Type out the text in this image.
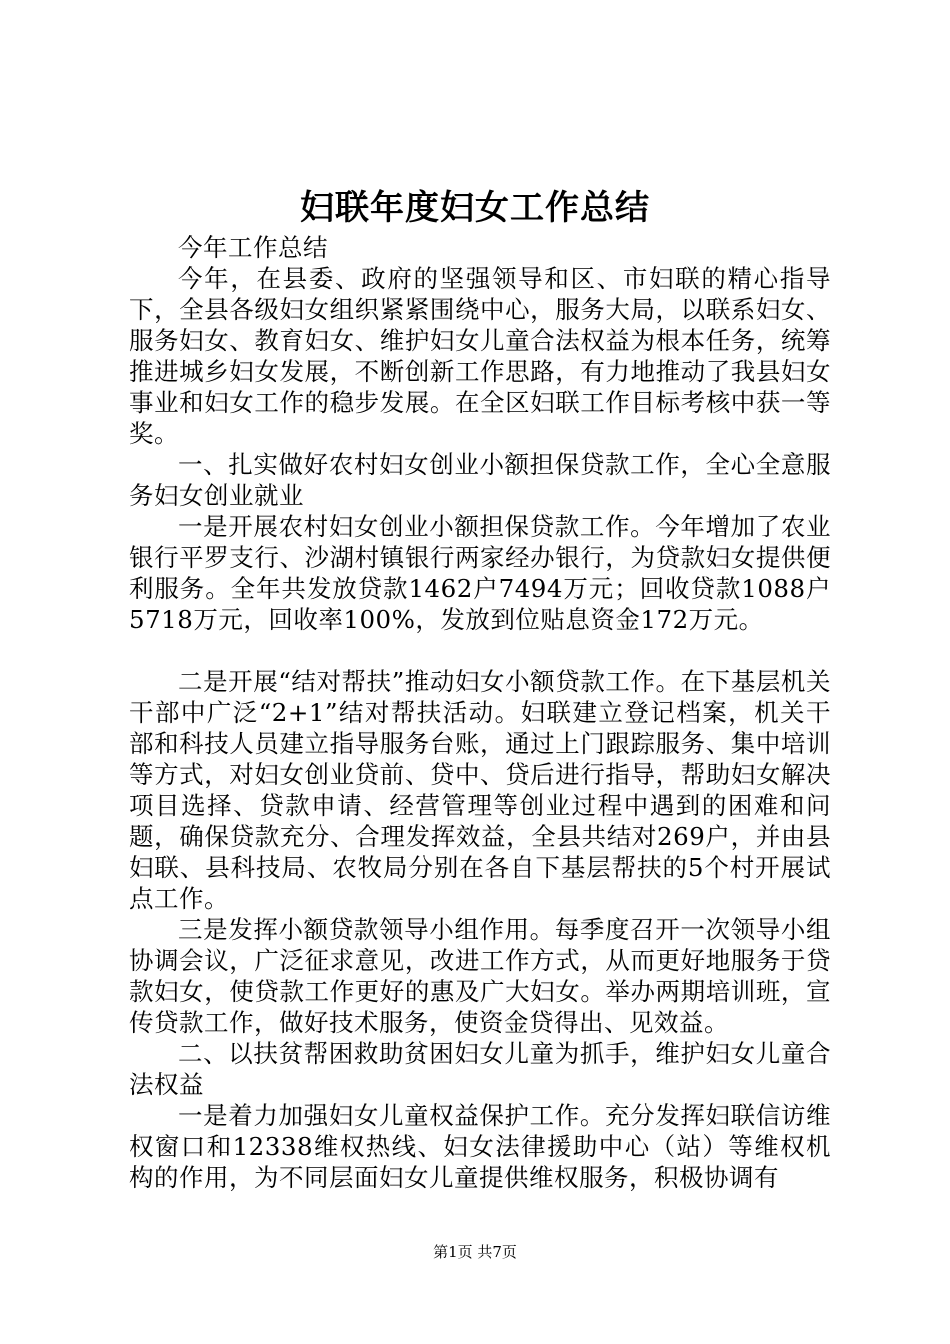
妇联年度妇女工作总结

今年工作总结

今年，在县委、政府的坚强领导和区、市妇联的精心指导下，全县各级妇女组织紧紧围绕中心，服务大局，以联系妇女、服务妇女、教育妇女、维护妇女儿童合法权益为根本任务，统筹推进城乡妇女发展，不断创新工作思路，有力地推动了我县妇女事业和妇女工作的稳步发展。在全区妇联工作目标考核中获一等奖。

一、扎实做好农村妇女创业小额担保贷款工作，全心全意服务妇女创业就业

一是开展农村妇女创业小额担保贷款工作。今年增加了农业银行平罗支行、沙湖村镇银行两家经办银行，为贷款妇女提供便利服务。全年共发放贷款1462户7494万元；回收贷款1088户5718万元，回收率100%，发放到位贴息资金172万元。

二是开展“结对帮扶”推动妇女小额贷款工作。在下基层机关干部中广泛“2+1”结对帮扶活动。妇联建立登记档案，机关干部和科技人员建立指导服务台账，通过上门跟踪服务、集中培训等方式，对妇女创业贷前、贷中、贷后进行指导，帮助妇女解决项目选择、贷款申请、经营管理等创业过程中遇到的困难和问题，确保贷款充分、合理发挥效益，全县共结对269户，并由县妇联、县科技局、农牧局分别在各自下基层帮扶的5个村开展试点工作。

三是发挥小额贷款领导小组作用。每季度召开一次领导小组协调会议，广泛征求意见，改进工作方式，从而更好地服务于贷款妇女，使贷款工作更好的惠及广大妇女。举办两期培训班，宣传贷款工作，做好技术服务，使资金贷得出、见效益。

二、以扶贫帮困救助贫困妇女儿童为抓手，维护妇女儿童合法权益

一是着力加强妇女儿童权益保护工作。充分发挥妇联信访维权窗口和12338维权热线、妇女法律援助中心（站）等维权机构的作用，为不同层面妇女儿童提供维权服务，积极协调有

第1页 共7页
